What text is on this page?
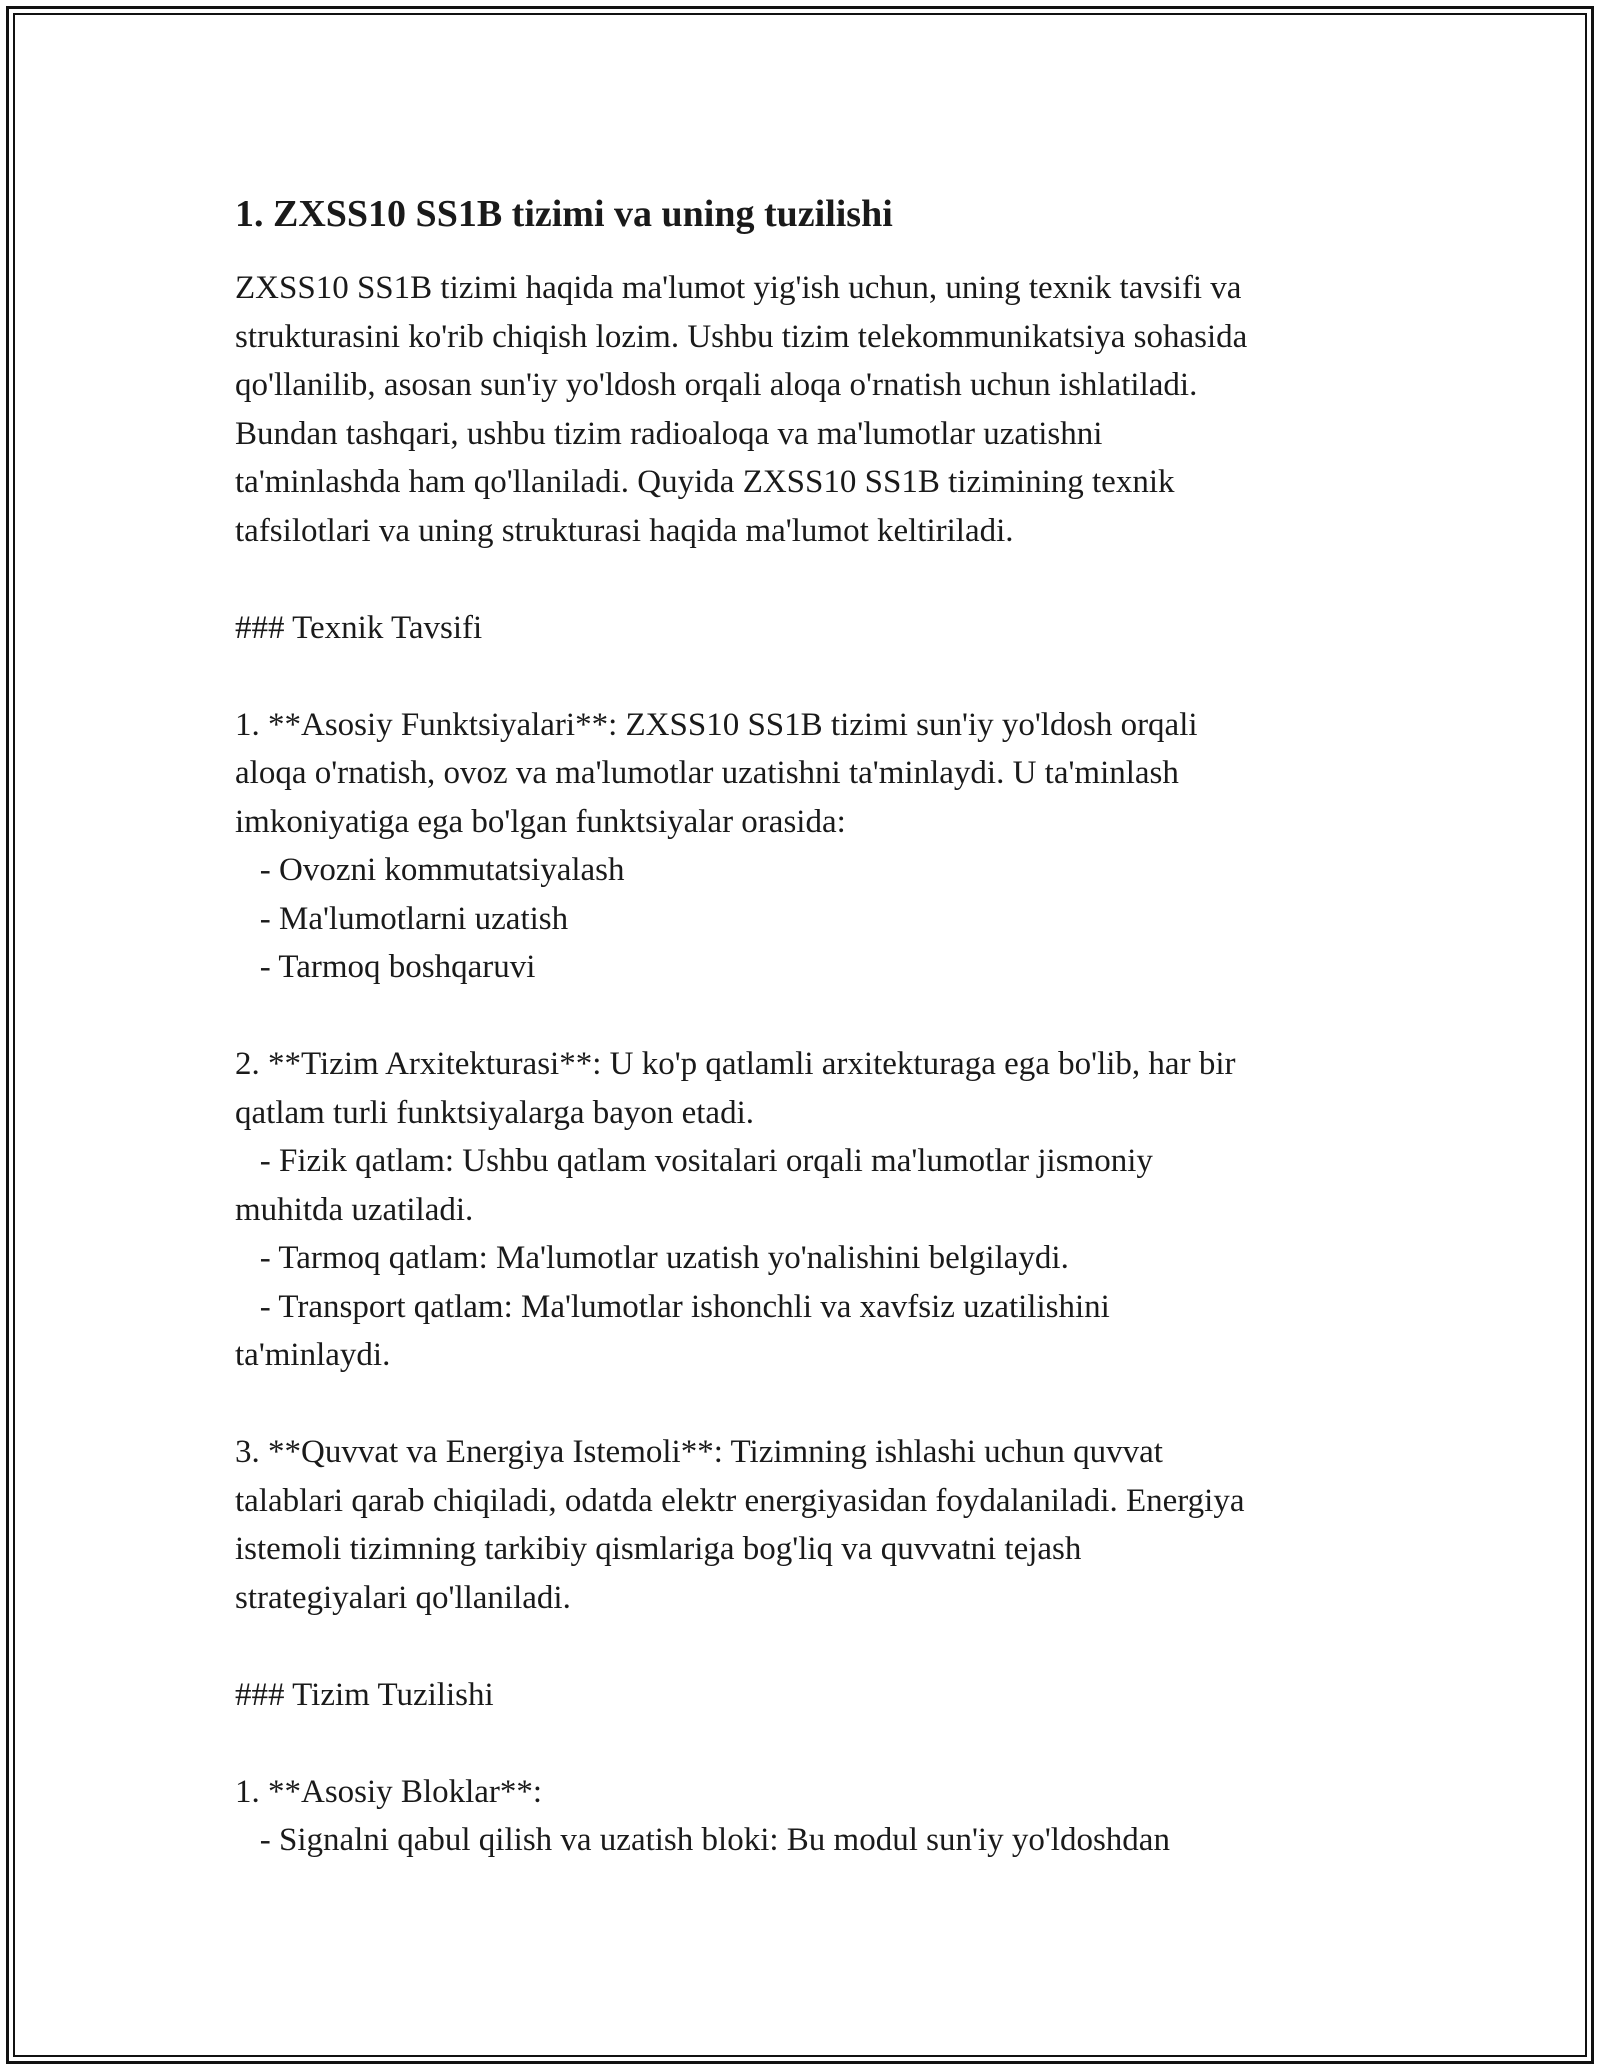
1. ZXSS10 SS1B tizimi va uning tuzilishi

ZXSS10 SS1B tizimi haqida ma'lumot yig'ish uchun, uning texnik tavsifi va
strukturasini ko'rib chiqish lozim. Ushbu tizim telekommunikatsiya sohasida
qo'llanilib, asosan sun'iy yo'ldosh orqali aloqa o'rnatish uchun ishlatiladi.
Bundan tashqari, ushbu tizim radioaloqa va ma'lumotlar uzatishni
ta'minlashda ham qo'llaniladi. Quyida ZXSS10 SS1B tizimining texnik
tafsilotlari va uning strukturasi haqida ma'lumot keltiriladi.

### Texnik Tavsifi

1. **Asosiy Funktsiyalari**: ZXSS10 SS1B tizimi sun'iy yo'ldosh orqali
aloqa o'rnatish, ovoz va ma'lumotlar uzatishni ta'minlaydi. U ta'minlash
imkoniyatiga ega bo'lgan funktsiyalar orasida:
- Ovozni kommutatsiyalash
- Ma'lumotlarni uzatish
- Tarmoq boshqaruvi

2. **Tizim Arxitekturasi**: U ko'p qatlamli arxitekturaga ega bo'lib, har bir
qatlam turli funktsiyalarga bayon etadi.
- Fizik qatlam: Ushbu qatlam vositalari orqali ma'lumotlar jismoniy
muhitda uzatiladi.
- Tarmoq qatlam: Ma'lumotlar uzatish yo'nalishini belgilaydi.
- Transport qatlam: Ma'lumotlar ishonchli va xavfsiz uzatilishini
ta'minlaydi.

3. **Quvvat va Energiya Istemoli**: Tizimning ishlashi uchun quvvat
talablari qarab chiqiladi, odatda elektr energiyasidan foydalaniladi. Energiya
istemoli tizimning tarkibiy qismlariga bog'liq va quvvatni tejash
strategiyalari qo'llaniladi.

### Tizim Tuzilishi

1. **Asosiy Bloklar**:
- Signalni qabul qilish va uzatish bloki: Bu modul sun'iy yo'ldoshdan
